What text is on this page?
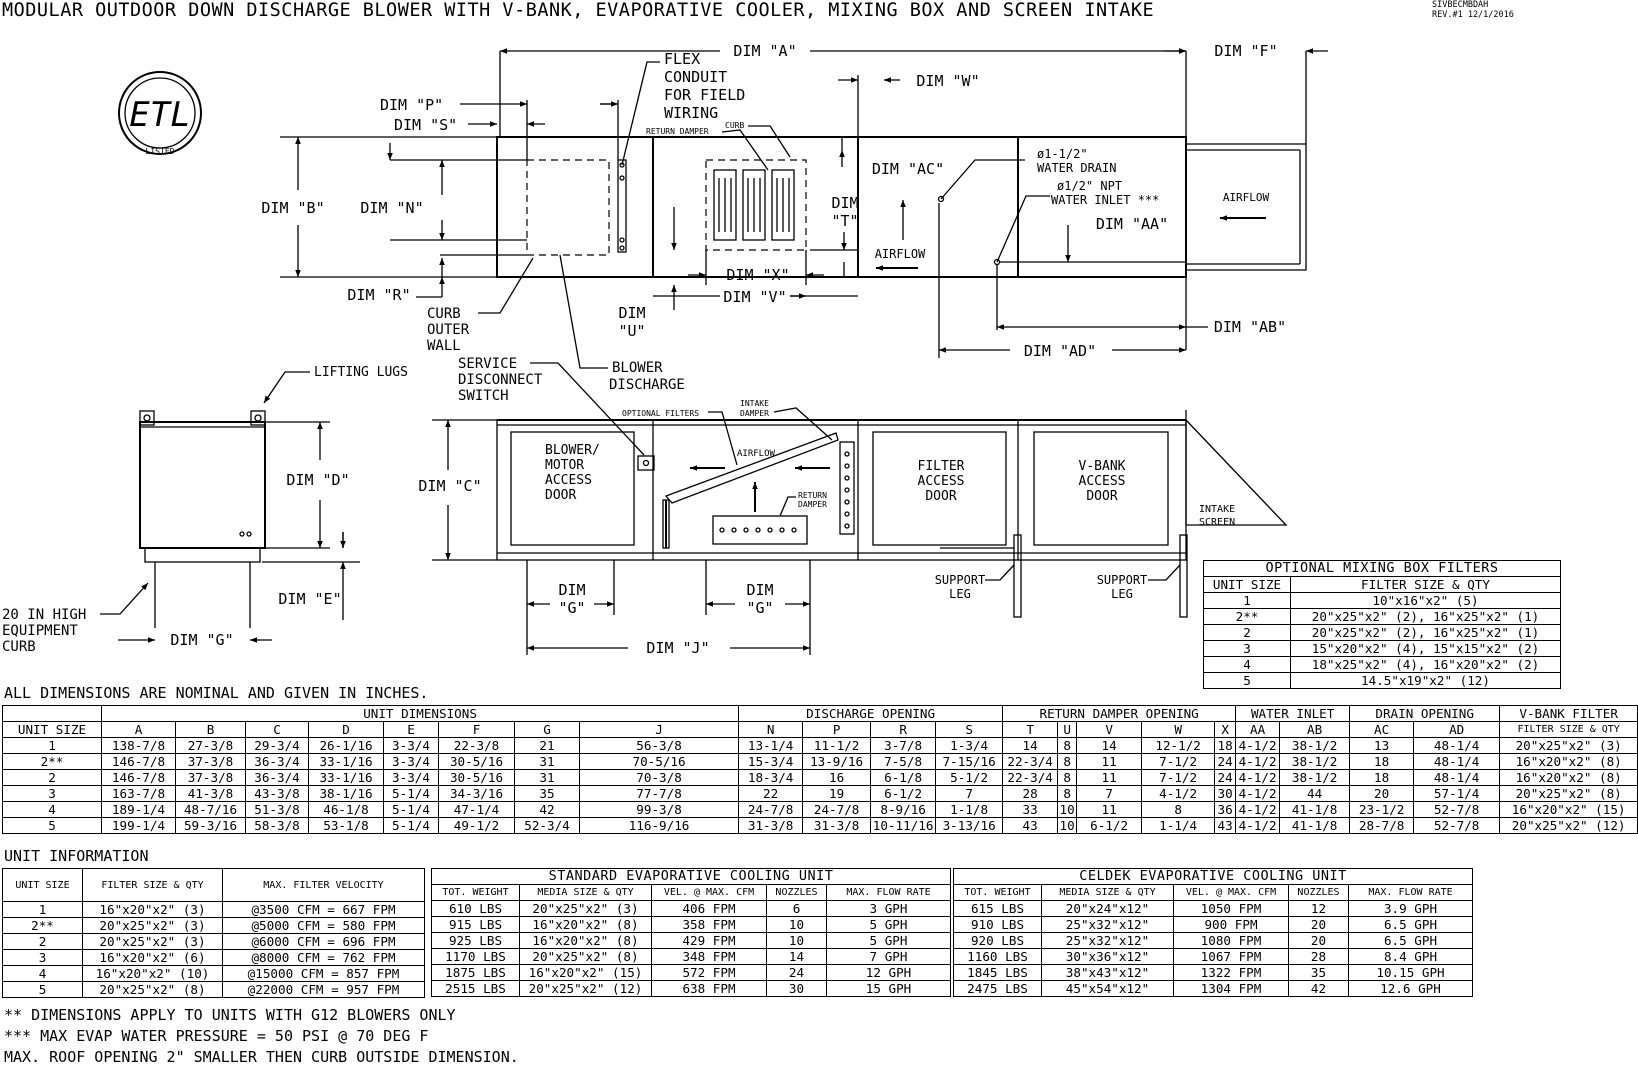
MODULAR OUTDOOR DOWN DISCHARGE BLOWER WITH V-BANK, EVAPORATIVE COOLER, MIXING BOX AND SCREEN INTAKE	SIVBECMBDAH
REV.#1 12/1/2016
ETL
LISTED
DIM "A"	DIM "F"
DIM "W"
DIM "P"
DIM "S"
DIM "B" DIM "N"
DIM "R"
FLEX
CONDUIT
FOR FIELD
WIRING
RETURN DAMPER
CURB
DIM "AC"
DIM
"T"
DIM "X"
DIM "V"
DIM
"U"
ø1-1/2"
WATER DRAIN
ø1/2" NPT
WATER INLET ***
AIRFLOW
AIRFLOW
DIM "AA"
DIM "AB"
DIM "AD"
CURB
OUTER
WALL
BLOWER
DISCHARGE
LIFTING LUGS
DIM "D"
DIM "E"
DIM "G"
20 IN HIGH
EQUIPMENT
CURB
BLOWER/
MOTOR
ACCESS
DOOR
FILTER
ACCESS
DOOR
V-BANK
ACCESS
DOOR
INTAKE
SCREEN
AIRFLOW
SERVICE
DISCONNECT
SWITCH
OPTIONAL FILTERS
INTAKE
DAMPER
RETURN
DAMPER
DIM "C"
DIM
"G"
DIM
"G"
DIM "J"
SUPPORT
LEG
SUPPORT
LEG
OPTIONAL MIXING BOX FILTERS	
UNIT SIZE	FILTER SIZE & QTY
1	10"x16"x2" (5)
2**	20"x25"x2" (2), 16"x25"x2" (1)
2	20"x25"x2" (2), 16"x25"x2" (1)
3	15"x20"x2" (4), 15"x15"x2" (2)
4	18"x25"x2" (4), 16"x20"x2" (2)
5	14.5"x19"x2" (12)
ALL DIMENSIONS ARE NOMINAL AND GIVEN IN INCHES.
	UNIT DIMENSIONS								DISCHARGE OPENING				RETURN DAMPER OPENING					WATER INLET		DRAIN OPENING		V-BANK FILTER
UNIT SIZE	A	B	C	D	E	F	G	J	N	P	R	S	T	U	V	W	X	AA	AB	AC	AD	FILTER SIZE & QTY
1	138-7/8	27-3/8	29-3/4	26-1/16	3-3/4	22-3/8	21	56-3/8	13-1/4	11-1/2	3-7/8	1-3/4	14	8	14	12-1/2	18	4-1/2	38-1/2	13	48-1/4	20"x25"x2" (3)
2**	146-7/8	37-3/8	36-3/4	33-1/16	3-3/4	30-5/16	31	70-5/16	15-3/4	13-9/16	7-5/8	7-15/16	22-3/4	8	11	7-1/2	24	4-1/2	38-1/2	18	48-1/4	16"x20"x2" (8)
2	146-7/8	37-3/8	36-3/4	33-1/16	3-3/4	30-5/16	31	70-3/8	18-3/4	16	6-1/8	5-1/2	22-3/4	8	11	7-1/2	24	4-1/2	38-1/2	18	48-1/4	16"x20"x2" (8)
3	163-7/8	41-3/8	43-3/8	38-1/16	5-1/4	34-3/16	35	77-7/8	22	19	6-1/2	7	28	8	7	4-1/2	30	4-1/2	44	20	57-1/4	20"x25"x2" (8)
4	189-1/4	48-7/16	51-3/8	46-1/8	5-1/4	47-1/4	42	99-3/8	24-7/8	24-7/8	8-9/16	1-1/8	33	10	11	8	36	4-1/2	41-1/8	23-1/2	52-7/8	16"x20"x2" (15)
5	199-1/4	59-3/16	58-3/8	53-1/8	5-1/4	49-1/2	52-3/4	116-9/16	31-3/8	31-3/8	10-11/16	3-13/16	43	10	6-1/2	1-1/4	43	4-1/2	41-1/8	28-7/8	52-7/8	20"x25"x2" (12)
UNIT INFORMATION
UNIT SIZE	FILTER SIZE & QTY	MAX. FILTER VELOCITY
1	16"x20"x2" (3)	@3500 CFM = 667 FPM
2**	20"x25"x2" (3)	@5000 CFM = 580 FPM
2	20"x25"x2" (3)	@6000 CFM = 696 FPM
3	16"x20"x2" (6)	@8000 CFM = 762 FPM
4	16"x20"x2" (10)	@15000 CFM = 857 FPM
5	20"x25"x2" (8)	@22000 CFM = 957 FPM
STANDARD EVAPORATIVE COOLING UNIT				
TOT. WEIGHT	MEDIA SIZE & QTY	VEL. @ MAX. CFM	NOZZLES	MAX. FLOW RATE
610 LBS	20"x25"x2" (3)	406 FPM	6	3 GPH
915 LBS	16"x20"x2" (8)	358 FPM	10	5 GPH
925 LBS	16"x20"x2" (8)	429 FPM	10	5 GPH
1170 LBS	20"x25"x2" (8)	348 FPM	14	7 GPH
1875 LBS	16"x20"x2" (15)	572 FPM	24	12 GPH
2515 LBS	20"x25"x2" (12)	638 FPM	30	15 GPH
CELDEK EVAPORATIVE COOLING UNIT				
TOT. WEIGHT	MEDIA SIZE & QTY	VEL. @ MAX. CFM	NOZZLES	MAX. FLOW RATE
615 LBS	20"x24"x12"	1050 FPM	12	3.9 GPH
910 LBS	25"x32"x12"	900 FPM	20	6.5 GPH
920 LBS	25"x32"x12"	1080 FPM	20	6.5 GPH
1160 LBS	30"x36"x12"	1067 FPM	28	8.4 GPH
1845 LBS	38"x43"x12"	1322 FPM	35	10.15 GPH
2475 LBS	45"x54"x12"	1304 FPM	42	12.6 GPH
** DIMENSIONS APPLY TO UNITS WITH G12 BLOWERS ONLY
*** MAX EVAP WATER PRESSURE = 50 PSI @ 70 DEG F
MAX. ROOF OPENING 2" SMALLER THEN CURB OUTSIDE DIMENSION.
